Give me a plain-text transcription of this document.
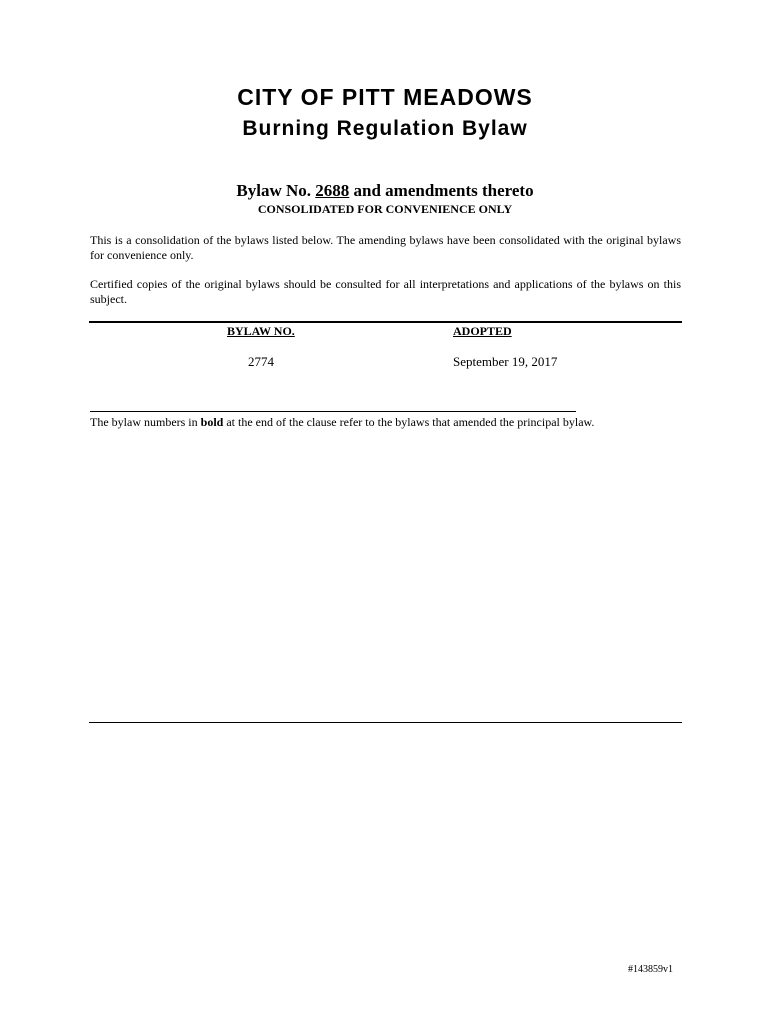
CITY OF PITT MEADOWS
Burning Regulation Bylaw
Bylaw No. 2688 and amendments thereto
CONSOLIDATED FOR CONVENIENCE ONLY
This is a consolidation of the bylaws listed below. The amending bylaws have been consolidated with the original bylaws for convenience only.
Certified copies of the original bylaws should be consulted for all interpretations and applications of the bylaws on this subject.
BYLAW NO.	ADOPTED
2774	September 19, 2017
The bylaw numbers in bold at the end of the clause refer to the bylaws that amended the principal bylaw.
#143859v1
